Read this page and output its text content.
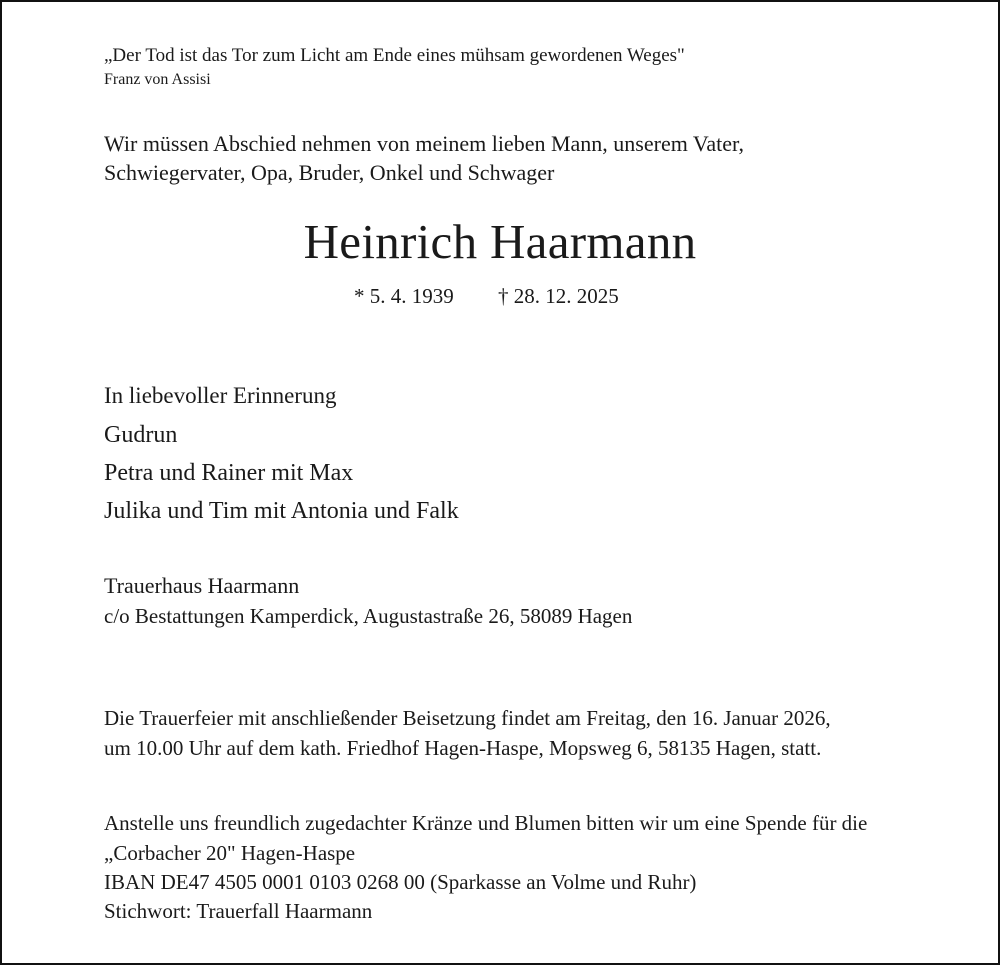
„Der Tod ist das Tor zum Licht am Ende eines mühsam gewordenen Weges"
Franz von Assisi
Wir müssen Abschied nehmen von meinem lieben Mann, unserem Vater,
Schwiegervater, Opa, Bruder, Onkel und Schwager
Heinrich Haarmann
* 5. 4. 1939 † 28. 12. 2025
In liebevoller Erinnerung
Gudrun
Petra und Rainer mit Max
Julika und Tim mit Antonia und Falk
Trauerhaus Haarmann
c/o Bestattungen Kamperdick, Augustastraße 26, 58089 Hagen
Die Trauerfeier mit anschließender Beisetzung findet am Freitag, den 16. Januar 2026,
um 10.00 Uhr auf dem kath. Friedhof Hagen-Haspe, Mopsweg 6, 58135 Hagen, statt.
Anstelle uns freundlich zugedachter Kränze und Blumen bitten wir um eine Spende für die
„Corbacher 20" Hagen-Haspe
IBAN DE47 4505 0001 0103 0268 00 (Sparkasse an Volme und Ruhr)
Stichwort: Trauerfall Haarmann
